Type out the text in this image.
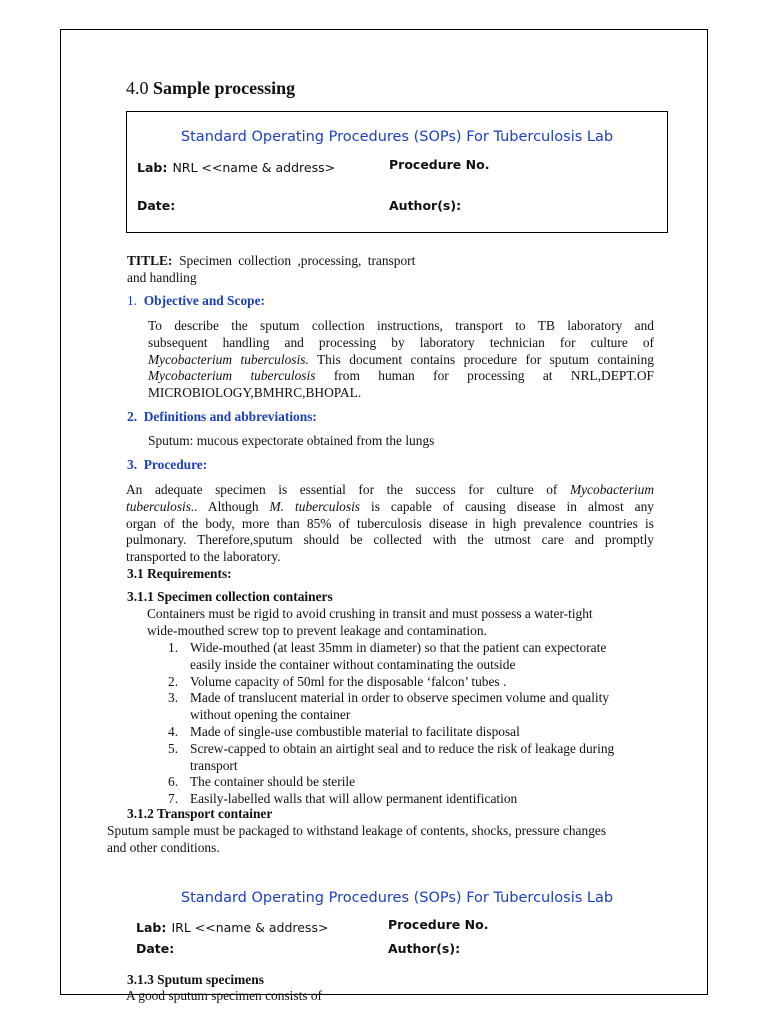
4.0 Sample processing
Standard Operating Procedures (SOPs) For Tuberculosis Lab
Lab: NRL <<name & address>	Procedure No.
Date:	Author(s):
TITLE: Specimen collection ,processing, transport
and handling
1. Objective and Scope:
To describe the sputum collection instructions, transport to TB laboratory and
subsequent handling and processing by laboratory technician for culture of
Mycobacterium tuberculosis. This document contains procedure for sputum containing
Mycobacterium tuberculosis from human for processing at NRL,DEPT.OF
MICROBIOLOGY,BMHRC,BHOPAL.
2. Definitions and abbreviations:
Sputum: mucous expectorate obtained from the lungs
3. Procedure:
An adequate specimen is essential for the success for culture of Mycobacterium
tuberculosis.. Although M. tuberculosis is capable of causing disease in almost any
organ of the body, more than 85% of tuberculosis disease in high prevalence countries is
pulmonary. Therefore,sputum should be collected with the utmost care and promptly
transported to the laboratory.
3.1 Requirements:
3.1.1 Specimen collection containers
Containers must be rigid to avoid crushing in transit and must possess a water-tight
wide-mouthed screw top to prevent leakage and contamination.
1. Wide-mouthed (at least 35mm in diameter) so that the patient can expectorate
easily inside the container without contaminating the outside
2. Volume capacity of 50ml for the disposable ‘falcon’ tubes .
3. Made of translucent material in order to observe specimen volume and quality
without opening the container
4. Made of single-use combustible material to facilitate disposal
5. Screw-capped to obtain an airtight seal and to reduce the risk of leakage during
transport
6. The container should be sterile
7. Easily-labelled walls that will allow permanent identification
3.1.2 Transport container
Sputum sample must be packaged to withstand leakage of contents, shocks, pressure changes
and other conditions.
Standard Operating Procedures (SOPs) For Tuberculosis Lab
Lab: IRL <<name & address>	Procedure No.
Date:	Author(s):
3.1.3 Sputum specimens
A good sputum specimen consists of
